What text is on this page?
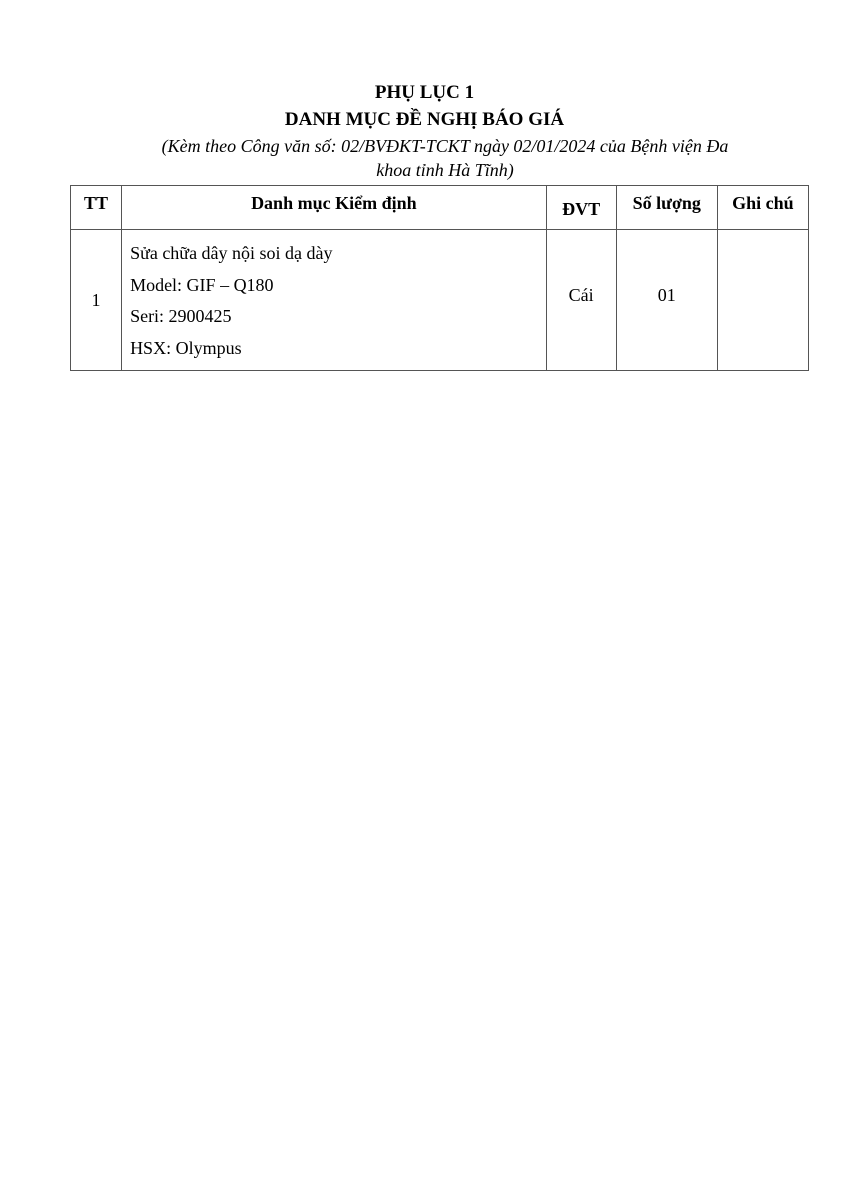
PHỤ LỤC 1
DANH MỤC ĐỀ NGHỊ BÁO GIÁ
(Kèm theo Công văn số: 02/BVĐKT-TCKT ngày 02/01/2024 của Bệnh viện Đa
khoa tỉnh Hà Tĩnh)
TT	Danh mục Kiểm định	ĐVT	Số lượng	Ghi chú
1	Sửa chữa dây nội soi dạ dày
Model: GIF – Q180
Seri: 2900425
HSX: Olympus	Cái	01	
